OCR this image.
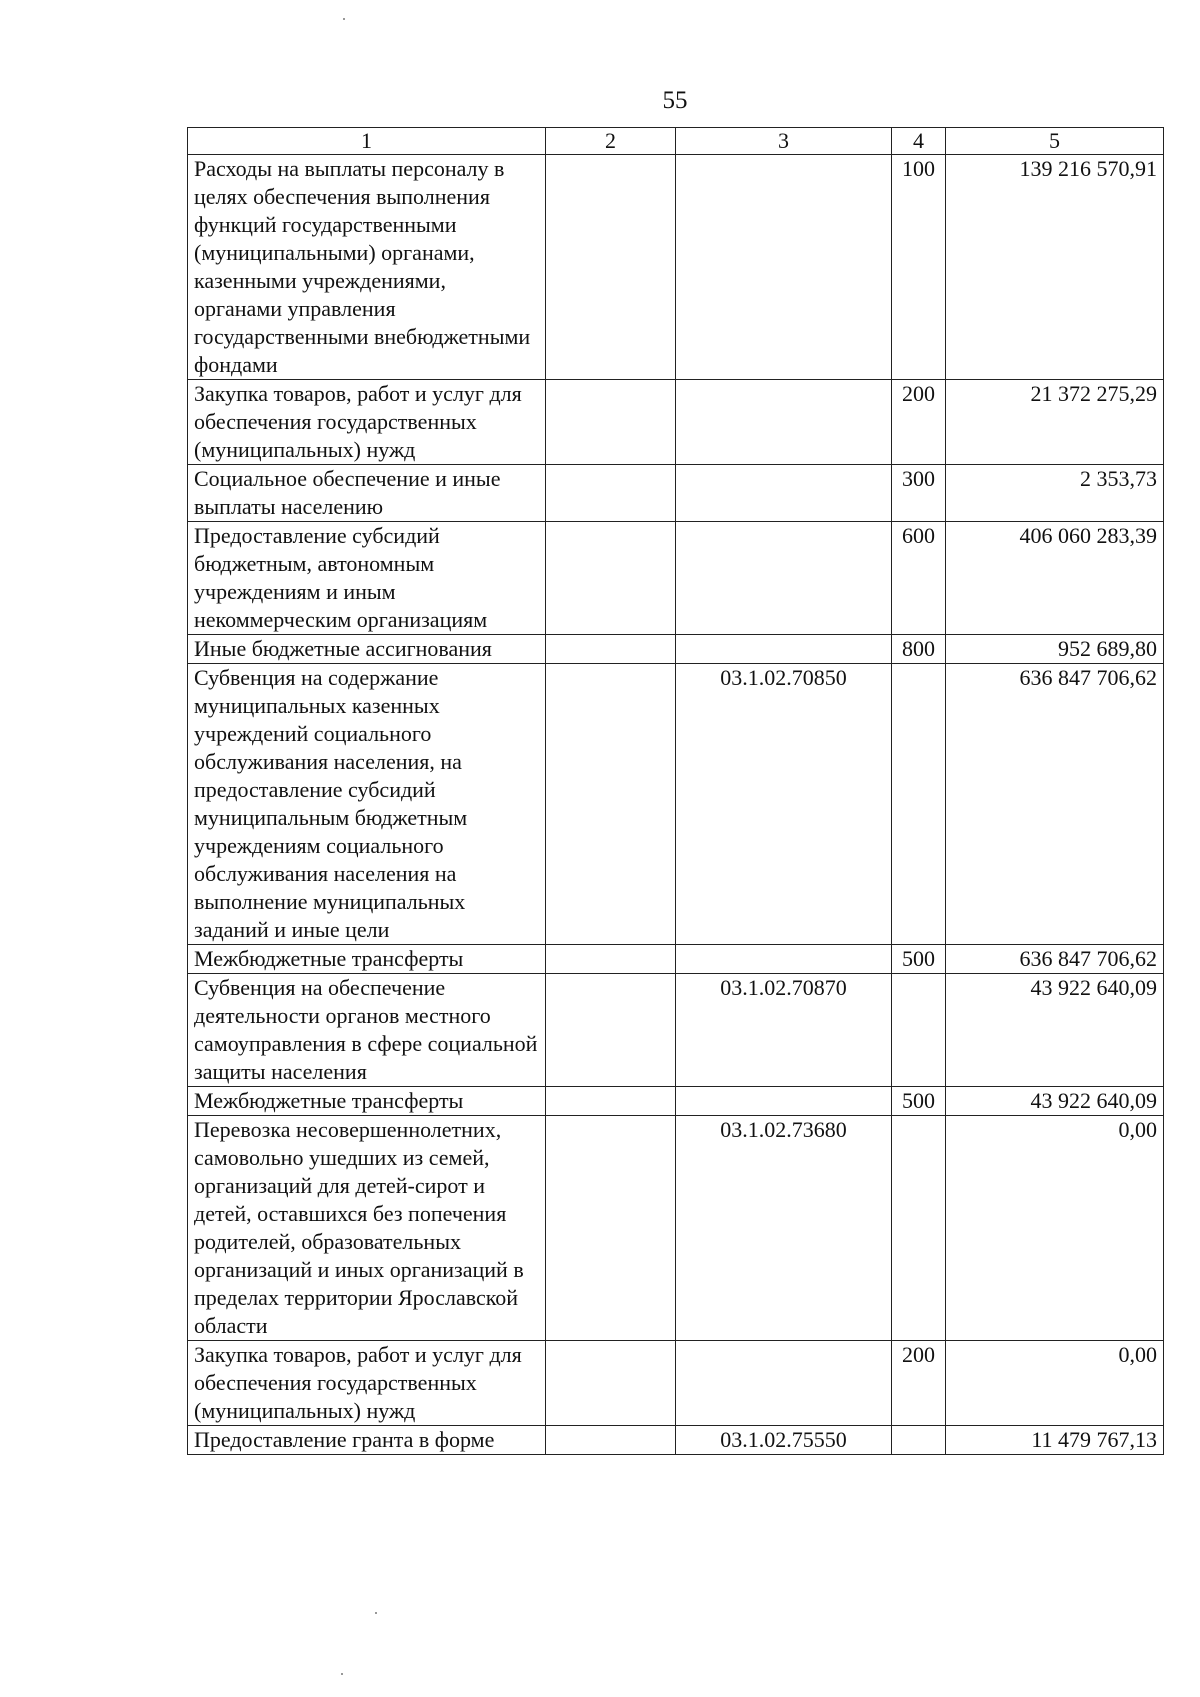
55
1	2	3	4	5
Расходы на выплаты персоналу в целях обеспечения выполнения функций государственными (муниципальными) органами, казенными учреждениями, органами управления государственными внебюджетными фондами			100	139 216 570,91
Закупка товаров, работ и услуг для обеспечения государственных (муниципальных) нужд			200	21 372 275,29
Социальное обеспечение и иные выплаты населению			300	2 353,73
Предоставление субсидий бюджетным, автономным учреждениям и иным некоммерческим организациям			600	406 060 283,39
Иные бюджетные ассигнования			800	952 689,80
Субвенция на содержание муниципальных казенных учреждений социального обслуживания населения, на предоставление субсидий муниципальным бюджетным учреждениям социального обслуживания населения на выполнение муниципальных заданий и иные цели		03.1.02.70850		636 847 706,62
Межбюджетные трансферты			500	636 847 706,62
Субвенция на обеспечение деятельности органов местного самоуправления в сфере социальной защиты населения		03.1.02.70870		43 922 640,09
Межбюджетные трансферты			500	43 922 640,09
Перевозка несовершеннолетних, самовольно ушедших из семей, организаций для детей-сирот и детей, оставшихся без попечения родителей, образовательных организаций и иных организаций в пределах территории Ярославской области		03.1.02.73680		0,00
Закупка товаров, работ и услуг для обеспечения государственных (муниципальных) нужд			200	0,00
Предоставление гранта в форме		03.1.02.75550		11 479 767,13
